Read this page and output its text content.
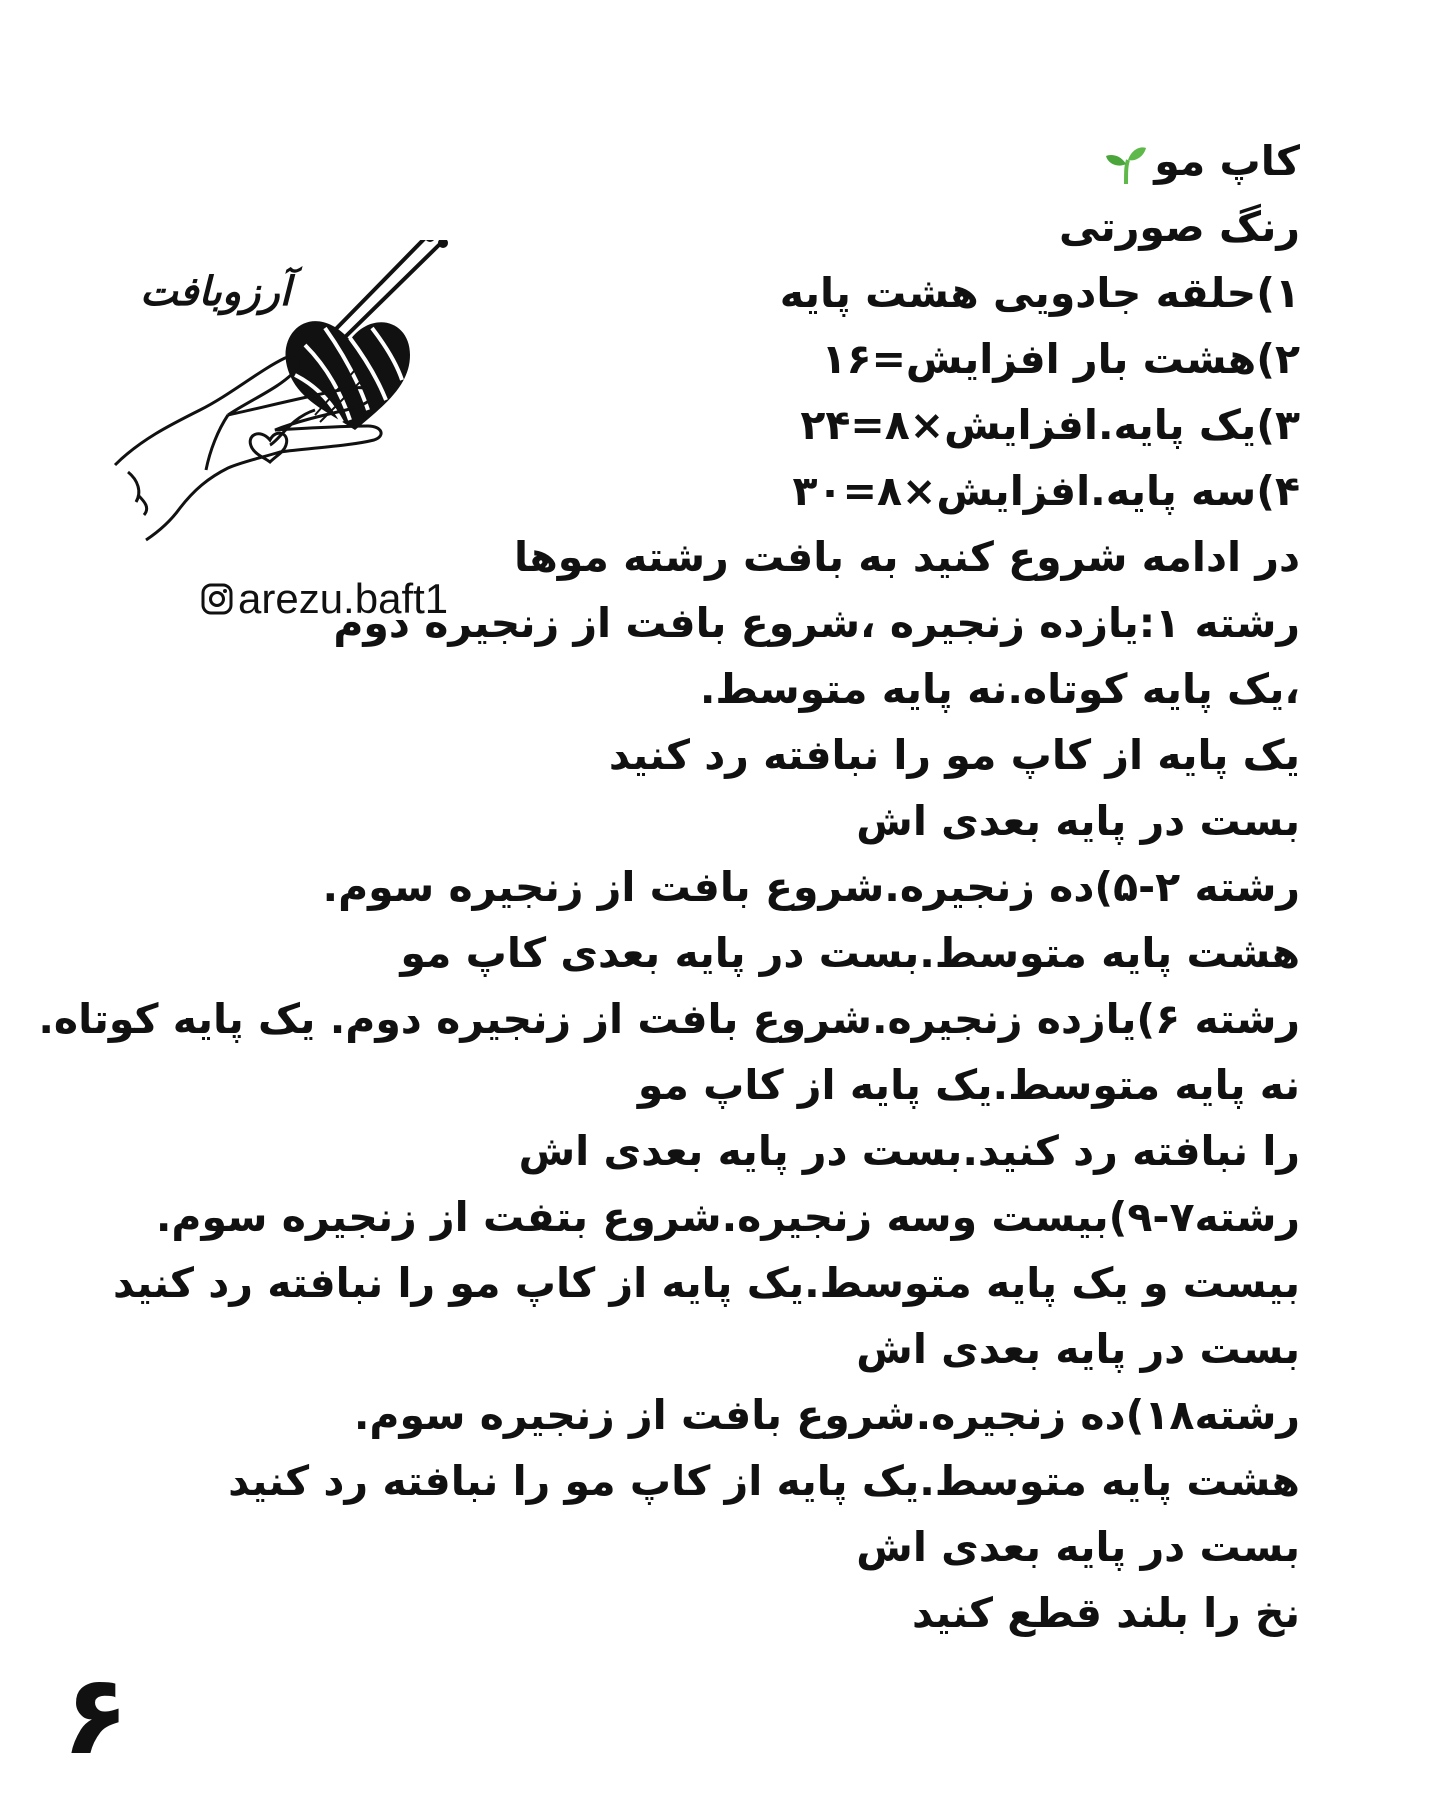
آرزوبافت
arezu.baft1
کاپ مو
رنگ صورتی
۱)حلقه جادویی هشت پایه
۲)هشت بار افزایش=۱۶
۳)یک پایه.افزایش×۸=۲۴
۴)سه پایه.افزایش×۸=۳۰
در ادامه شروع کنید به بافت رشته موها
رشته ۱:یازده زنجیره ،شروع بافت از زنجیره دوم
،یک پایه کوتاه.نه پایه متوسط.
یک پایه از کاپ مو را نبافته رد کنید
بست در پایه بعدی اش
رشته ۲-۵)ده زنجیره.شروع بافت از زنجیره سوم.
هشت پایه متوسط.بست در پایه بعدی کاپ مو
رشته ۶)یازده زنجیره.شروع بافت از زنجیره دوم. یک پایه کوتاه.
نه پایه متوسط.یک پایه از کاپ مو
را نبافته رد کنید.بست در پایه بعدی اش
رشته۷-۹)بیست وسه زنجیره.شروع بتفت از زنجیره سوم.
بیست و یک پایه متوسط.یک پایه از کاپ مو را نبافته رد کنید
بست در پایه بعدی اش
رشته۱۸)ده زنجیره.شروع بافت از زنجیره سوم.
هشت پایه متوسط.یک پایه از کاپ مو را نبافته رد کنید
بست در پایه بعدی اش
نخ را بلند قطع کنید
۶
